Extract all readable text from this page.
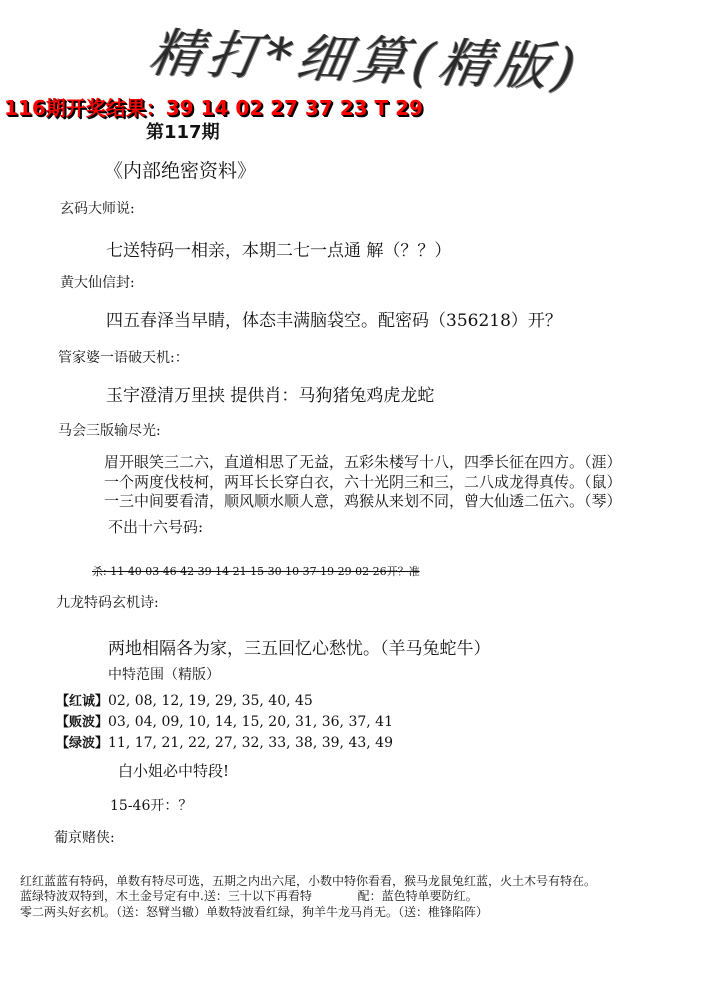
精打*细算(精版)
116期开奖结果：39 14 02 27 37 23 T 29
第117期
《内部绝密资料》
玄码大师说:
七送特码一相亲，本期二七一点通 解（？？）
黄大仙信封:
四五春泽当早睛，体态丰满脑袋空。配密码（356218）开？
管家婆一语破天机:：
玉宇澄清万里挟 提供肖：马狗猪兔鸡虎龙蛇
马会三版输尽光:
眉开眼笑三二六，直道相思了无益，五彩朱楼写十八，四季长征在四方。（涯）
一个两度伐枝柯，两耳长长穿白衣，六十光阴三和三，二八成龙得真传。（鼠）
一三中间要看清，顺风顺水顺人意，鸡猴从来划不同，曾大仙透二伍六。（琴）
不出十六号码:
杀: 11 40 03 46 42 39 14 21 15 30 10 37 19 29 02 26开？准
九龙特码玄机诗:
两地相隔各为家，三五回忆心愁忧。（羊马兔蛇牛）
中特范围（精版）
【红诚】02, 08, 12, 19, 29, 35, 40, 45
【贩波】03, 04, 09, 10, 14, 15, 20, 31, 36, 37, 41
【绿波】11, 17, 21, 22, 27, 32, 33, 38, 39, 43, 49
白小姐必中特段!
15-46开：？
葡京赌侠:
红红蓝蓝有特码，单数有特尽可选，五期之内出六尾，小数中特你看看，猴马龙鼠兔红蓝，火土木号有特在。
蓝绿特波双特到，木土金号定有中.送：三十以下再看特            配：蓝色特单要防红。
零二两头好玄机。（送：怒臂当辙）单数特波看红绿，狗羊牛龙马肖无。（送：椎锋陷阵）
